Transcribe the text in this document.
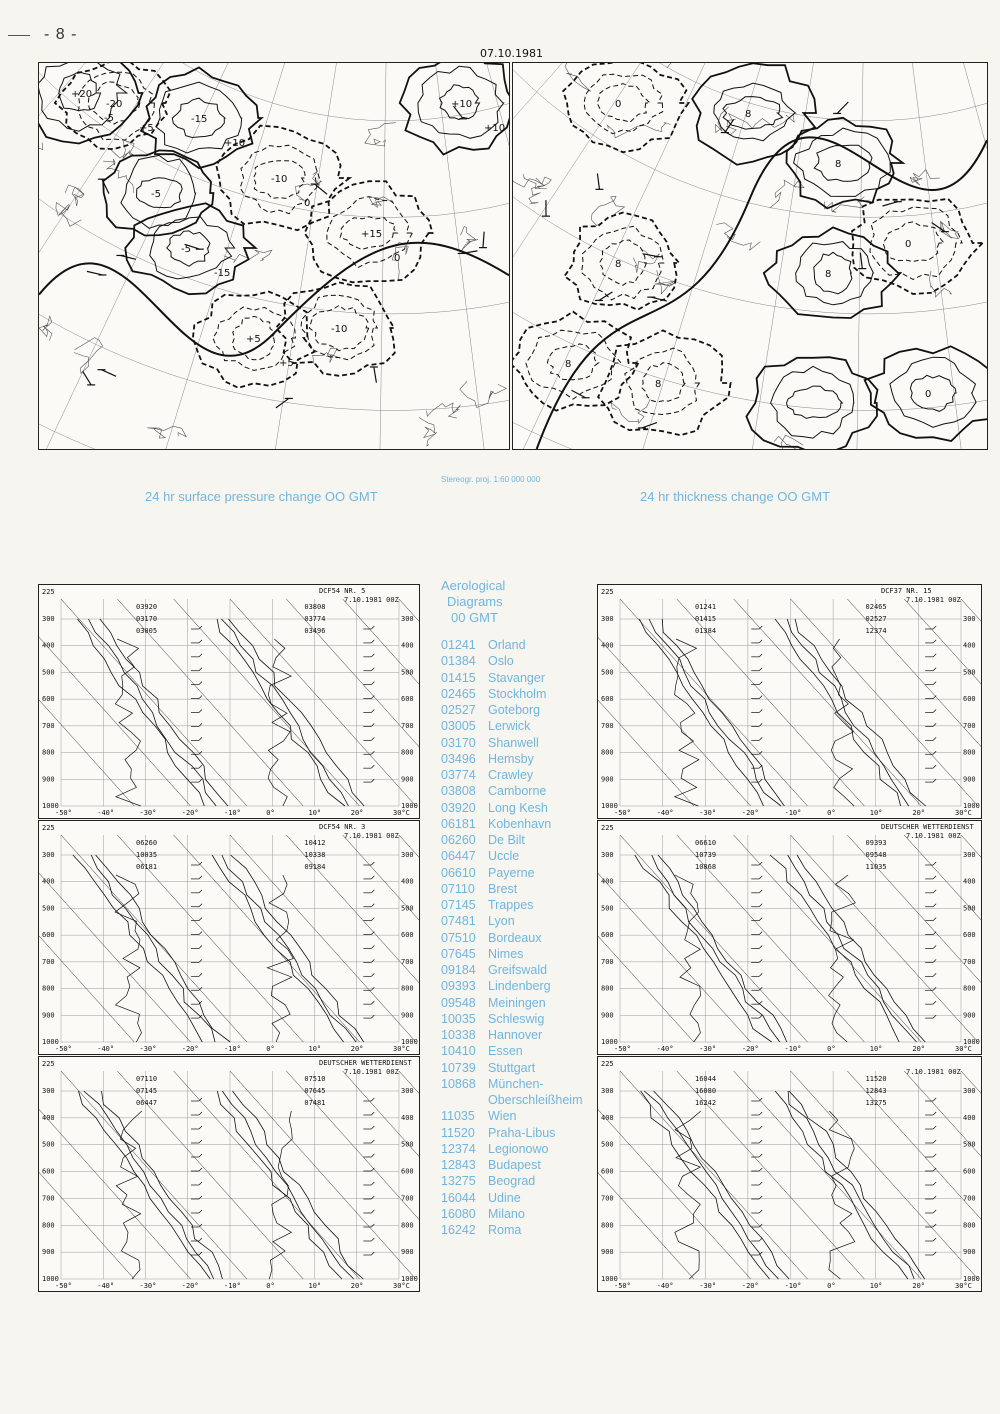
- 8 -
07.10.1981
-20
-15
-10
-5
+5
+10
+15
+20
-10
-5
+5
+10
0
-15
+5
+10
0
-5
0
8
8
8
8
0
8
8
0
Stereogr. proj. 1:60 000 000
24 hr surface pressure change OO GMT	24 hr thickness change OO GMT
300	300
400	400
500	500
600	600
700	700
800	800
900	900
1000	1000
-50°	-40°	-30°	-20°	-10°	0°	10°	20°	30°C
225	DCF54 NR. 5
7.10.1981 00Z
03920
03170
03005
03808
03774
03496
300	300
400	400
500	500
600	600
700	700
800	800
900	900
1000	1000
-50°	-40°	-30°	-20°	-10°	0°	10°	20°	30°C
225	DCF37 NR. 15
7.10.1981 00Z
01241
01415
01384
02465
02527
12374
300	300
400	400
500	500
600	600
700	700
800	800
900	900
1000	1000
-50°	-40°	-30°	-20°	-10°	0°	10°	20°	30°C
225	DCF54 NR. 3
7.10.1981 00Z
06260
10035
06181
10412
10338
09184
300	300
400	400
500	500
600	600
700	700
800	800
900	900
1000	1000
-50°	-40°	-30°	-20°	-10°	0°	10°	20°	30°C
225	DEUTSCHER WETTERDIENST
7.10.1981 00Z
06610
10739
10868
09393
09548
11035
300	300
400	400
500	500
600	600
700	700
800	800
900	900
1000	1000
-50°	-40°	-30°	-20°	-10°	0°	10°	20°	30°C
225	DEUTSCHER WETTERDIENST
7.10.1981 00Z
07110
07145
06447
07510
07645
07481
300	300
400	400
500	500
600	600
700	700
800	800
900	900
1000	1000
-50°	-40°	-30°	-20°	-10°	0°	10°	20°	30°C
225
7.10.1981 00Z
16044
16080
16242
11520
12843
13275
Aerological
Diagrams
00 GMT
01241 Orland
01384 Oslo
01415 Stavanger
02465 Stockholm
02527 Goteborg
03005 Lerwick
03170 Shanwell
03496 Hemsby
03774 Crawley
03808 Camborne
03920 Long Kesh
06181 Kobenhavn
06260 De Bilt
06447 Uccle
06610 Payerne
07110	Brest
07145 Trappes
07481 Lyon
07510 Bordeaux
07645 Nimes
09184 Greifswald
09393 Lindenberg
09548 Meiningen
10035 Schleswig
10338 Hannover
10410 Essen
10739 Stuttgart
10868 München-
Oberschleißheim
11035	Wien
11520	Praha-Libus
12374 Legionowo
12843 Budapest
13275 Beograd
16044 Udine
16080 Milano
16242 Roma
